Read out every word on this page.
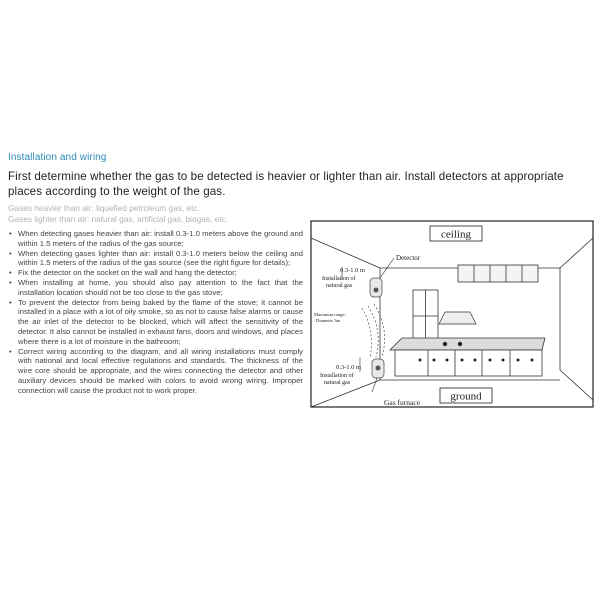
Installation and wiring
First determine whether the gas to be detected is heavier or lighter than air. Install detectors at appropriate places according to the weight of the gas.
Gases heavier than air: liquefied petroleum gas, etc.
Gases lighter than air: natural gas, artificial gas, biogas, etc.
• When detecting gases heavier than air: install 0.3-1.0 meters above the ground and within 1.5 meters of the radius of the gas source;
• When detecting gases lighter than air: install 0.3-1.0 meters below the ceiling and within 1.5 meters of the radius of the gas source (see the right figure for details);
• Fix the detector on the socket on the wall and hang the detector;
• When installing at home, you should also pay attention to the fact that the installation location should not be too close to the gas stove;
• To prevent the detector from being baked by the flame of the stove; it cannot be installed in a place with a lot of oily smoke, so as not to cause false alarms or cause the air inlet of the detector to be blocked, which will affect the sensitivity of the detector. It also cannot be installed in exhaust fans, doors and windows, and places where there is a lot of moisture in the bathroom;
• Correct wiring according to the diagram, and all wiring installations must comply with national and local effective regulations and standards. The thickness of the wire core should be appropriate, and the wires connecting the detector and other auxiliary devices should be marked with colors to avoid wrong wiring. Improper connection will cause the product not to work proper.
ceiling
ground
Detector
0.3-1.0 m
Installation of
natural gas
Maximum range:
Diameter 3m
0.3-1.0 m
Installation of
natural gas
Gas furnace
